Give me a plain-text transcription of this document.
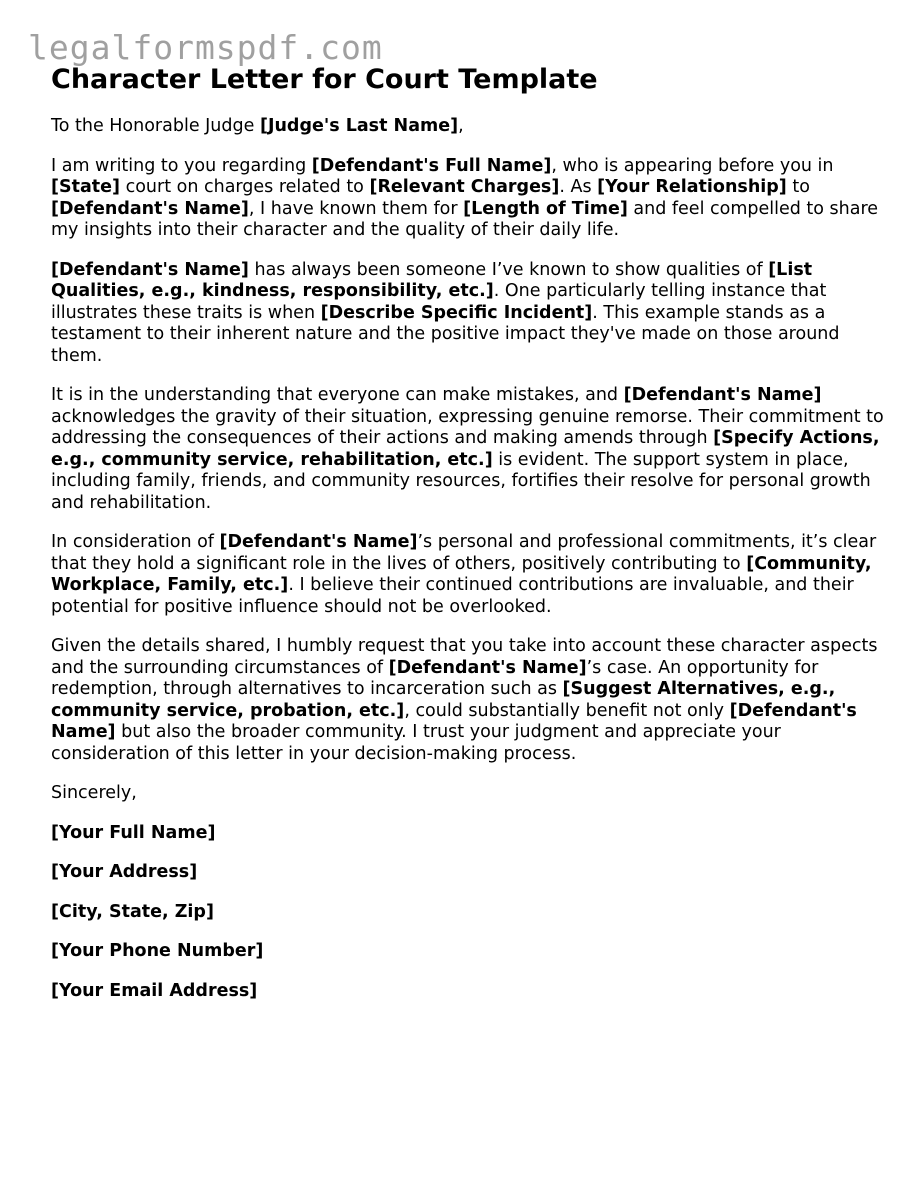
legalformspdf.com
Character Letter for Court Template

To the Honorable Judge [Judge's Last Name],

I am writing to you regarding [Defendant's Full Name], who is appearing before you in [State] court on charges related to [Relevant Charges]. As [Your Relationship] to [Defendant's Name], I have known them for [Length of Time] and feel compelled to share my insights into their character and the quality of their daily life.

[Defendant's Name] has always been someone I’ve known to show qualities of [List Qualities, e.g., kindness, responsibility, etc.]. One particularly telling instance that illustrates these traits is when [Describe Specific Incident]. This example stands as a testament to their inherent nature and the positive impact they've made on those around them.

It is in the understanding that everyone can make mistakes, and [Defendant's Name] acknowledges the gravity of their situation, expressing genuine remorse. Their commitment to addressing the consequences of their actions and making amends through [Specify Actions, e.g., community service, rehabilitation, etc.] is evident. The support system in place, including family, friends, and community resources, fortifies their resolve for personal growth and rehabilitation.

In consideration of [Defendant's Name]’s personal and professional commitments, it’s clear that they hold a significant role in the lives of others, positively contributing to [Community, Workplace, Family, etc.]. I believe their continued contributions are invaluable, and their potential for positive influence should not be overlooked.

Given the details shared, I humbly request that you take into account these character aspects and the surrounding circumstances of [Defendant's Name]’s case. An opportunity for redemption, through alternatives to incarceration such as [Suggest Alternatives, e.g., community service, probation, etc.], could substantially benefit not only [Defendant's Name] but also the broader community. I trust your judgment and appreciate your consideration of this letter in your decision-making process.

Sincerely,

[Your Full Name]

[Your Address]

[City, State, Zip]

[Your Phone Number]

[Your Email Address]
